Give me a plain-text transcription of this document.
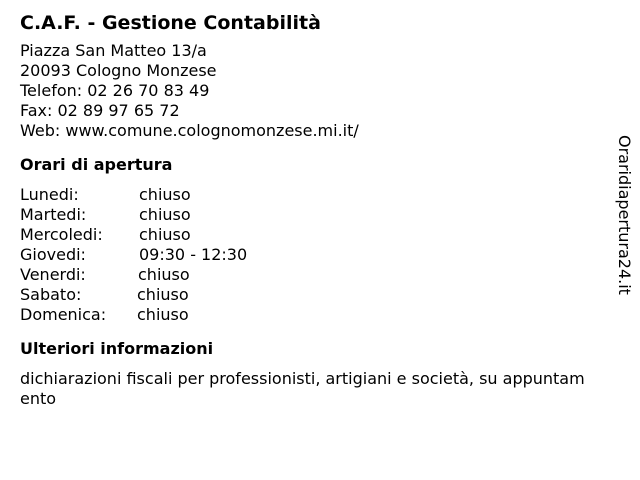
C.A.F. - Gestione Contabilità
Piazza San Matteo 13/a
20093 Cologno Monzese
Telefon: 02 26 70 83 49
Fax: 02 89 97 65 72
Web: www.comune.colognomonzese.mi.it/
Orari di apertura
Lunedi:	chiuso
Martedi:	chiuso
Mercoledi: chiuso
Giovedi:	09:30 - 12:30
Venerdi:	chiuso
Sabato:	chiuso
Domenica: chiuso
Ulteriori informazioni
dichiarazioni fiscali per professionisti, artigiani e società, su appuntamento
Oraridiapertura24.it
